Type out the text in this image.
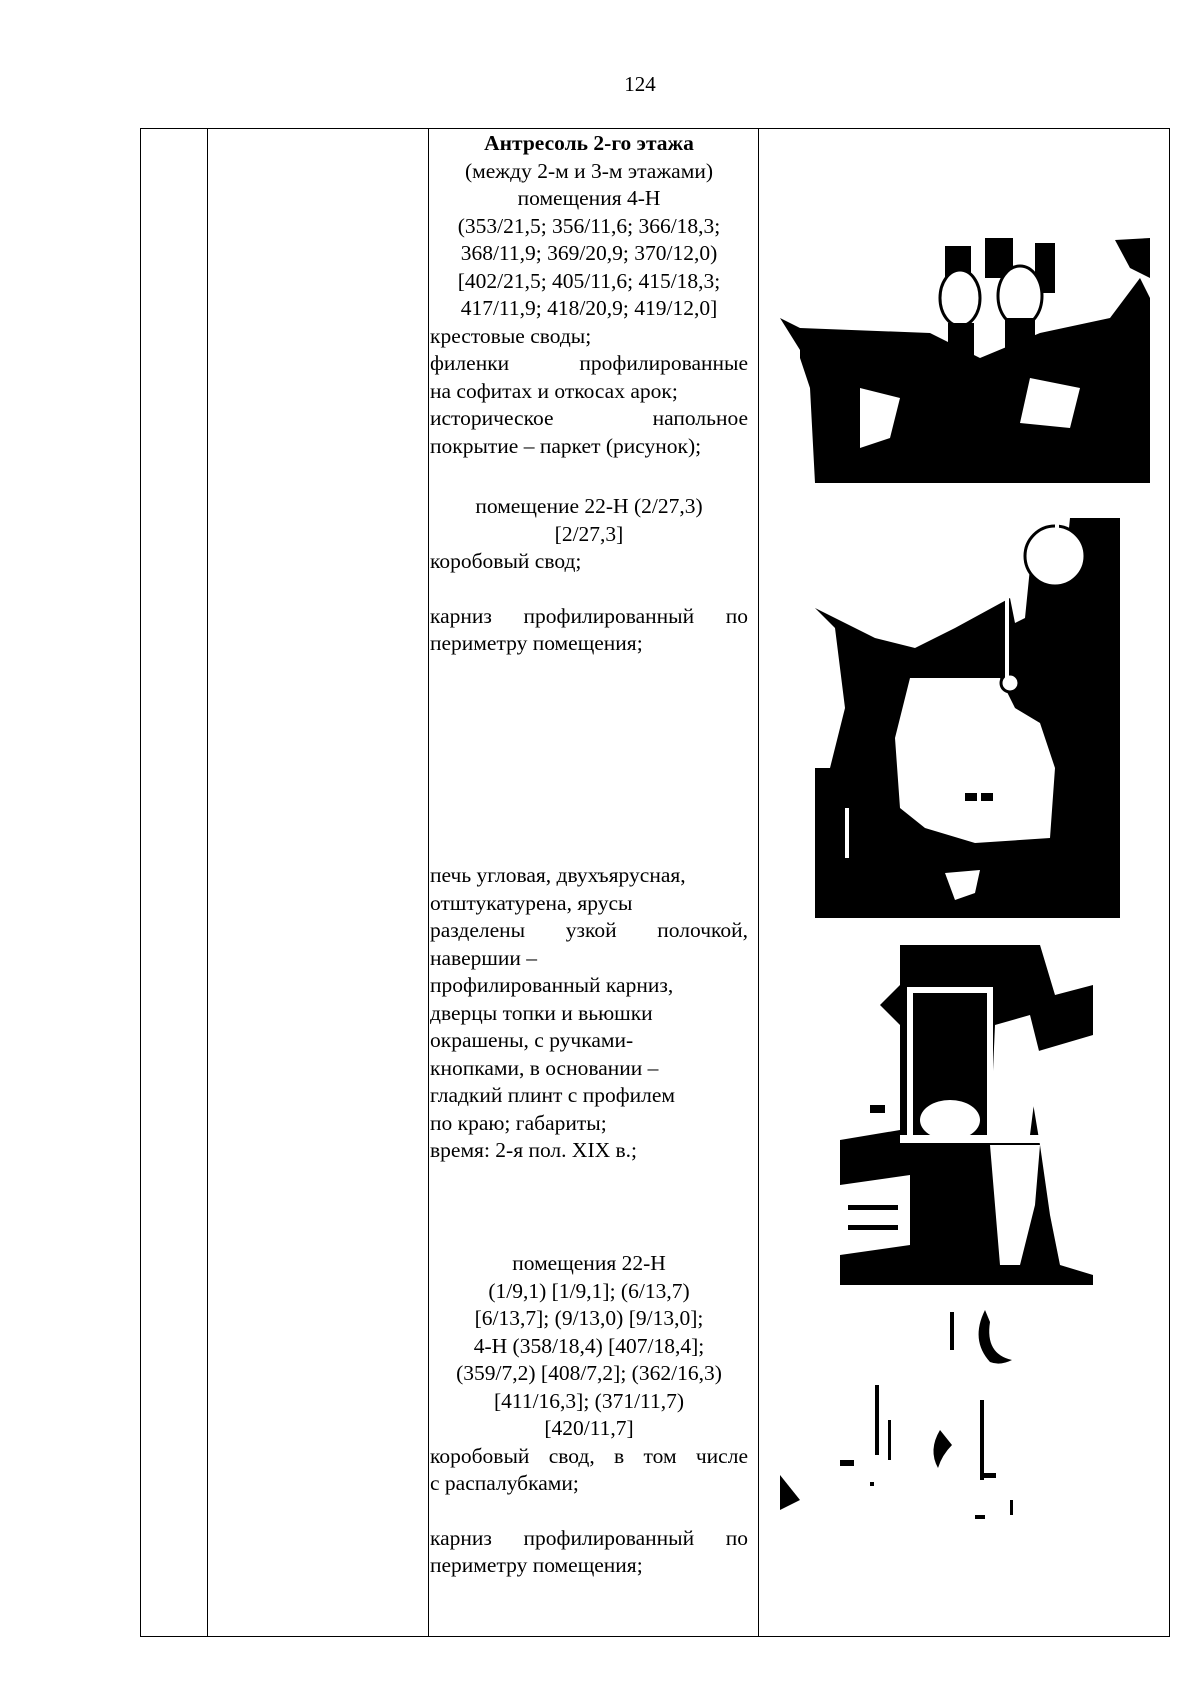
124
Антресоль 2-го этажа
(между 2-м и 3-м этажами)
помещения 4-Н
(353/21,5; 356/11,6; 366/18,3;
368/11,9; 369/20,9; 370/12,0)
[402/21,5; 405/11,6; 415/18,3;
417/11,9; 418/20,9; 419/12,0]
крестовые своды;
филенки профилированные
на софитах и откосах арок;
историческое напольное
покрытие – паркет (рисунок);
помещение 22-Н (2/27,3)
[2/27,3]
коробовый свод;
карниз профилированный по
периметру помещения;
печь угловая, двухъярусная,
отштукатурена, ярусы
разделены узкой полочкой,
навершии –
профилированный карниз,
дверцы топки и вьюшки
окрашены, с ручками-
кнопками, в основании –
гладкий плинт с профилем
по краю; габариты;
время: 2-я пол. XIX в.;
помещения 22-Н
(1/9,1) [1/9,1]; (6/13,7)
[6/13,7]; (9/13,0) [9/13,0];
4-Н (358/18,4) [407/18,4];
(359/7,2) [408/7,2]; (362/16,3)
[411/16,3]; (371/11,7)
[420/11,7]
коробовый свод, в том числе
с распалубками;
карниз профилированный по
периметру помещения;
